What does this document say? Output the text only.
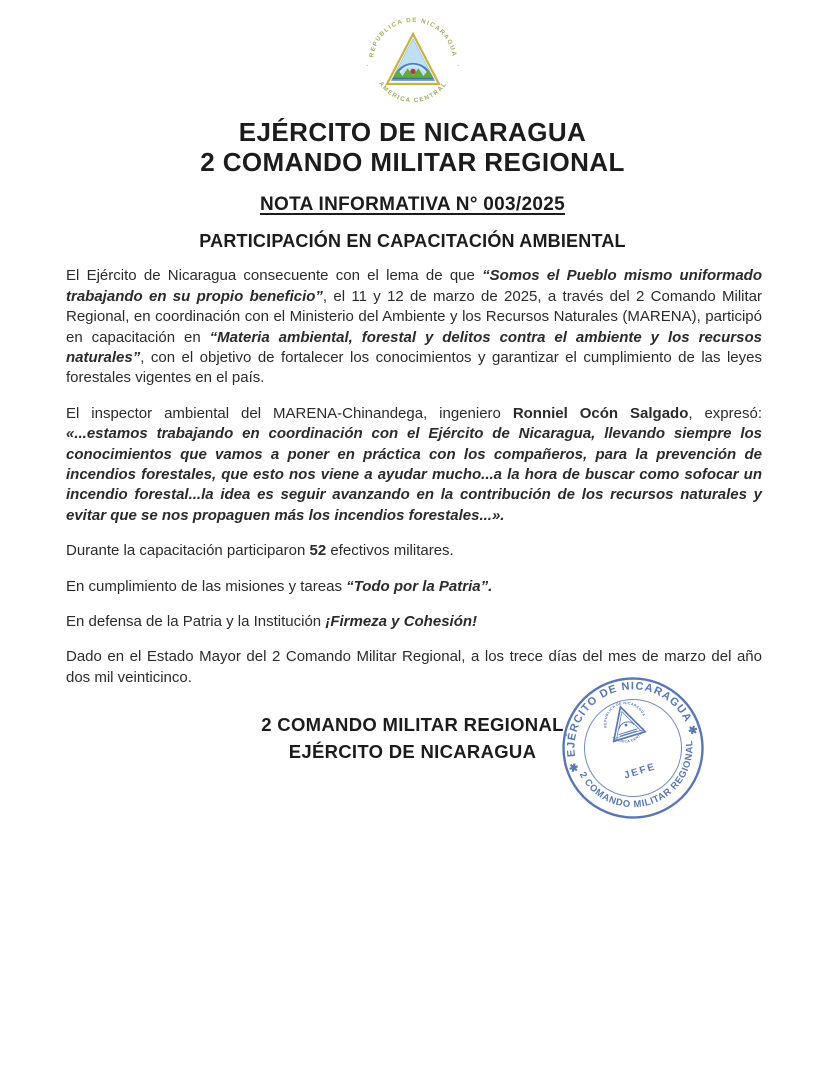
REPUBLICA DE NICARAGUA
AMERICA CENTRAL
·	·
EJÉRCITO DE NICARAGUA
2 COMANDO MILITAR REGIONAL
NOTA INFORMATIVA N° 003/2025
PARTICIPACIÓN EN CAPACITACIÓN AMBIENTAL

El Ejército de Nicaragua consecuente con el lema de que “Somos el Pueblo mismo uniformado trabajando en su propio beneficio”, el 11 y 12 de marzo de 2025, a través del 2 Comando Militar Regional, en coordinación con el Ministerio del Ambiente y los Recursos Naturales (MARENA), participó en capacitación en “Materia ambiental, forestal y delitos contra el ambiente y los recursos naturales”, con el objetivo de fortalecer los conocimientos y garantizar el cumplimiento de las leyes forestales vigentes en el país.

El inspector ambiental del MARENA-Chinandega, ingeniero Ronniel Ocón Salgado, expresó: «...estamos trabajando en coordinación con el Ejército de Nicaragua, llevando siempre los conocimientos que vamos a poner en práctica con los compañeros, para la prevención de incendios forestales, que esto nos viene a ayudar mucho...a la hora de buscar como sofocar un incendio forestal...la idea es seguir avanzando en la contribución de los recursos naturales y evitar que se nos propaguen más los incendios forestales...».

Durante la capacitación participaron 52 efectivos militares.

En cumplimiento de las misiones y tareas “Todo por la Patria”.

En defensa de la Patria y la Institución ¡Firmeza y Cohesión!

Dado en el Estado Mayor del 2 Comando Militar Regional, a los trece días del mes de marzo del año dos mil veinticinco.

2 COMANDO MILITAR REGIONAL
EJÉRCITO DE NICARAGUA
✱ EJÉRCITO DE NICARAGUA ✱
2 COMANDO MILITAR REGIONAL
REPUBLICA DE NICARAGUA
AMERICA CENTRAL
JEFE
